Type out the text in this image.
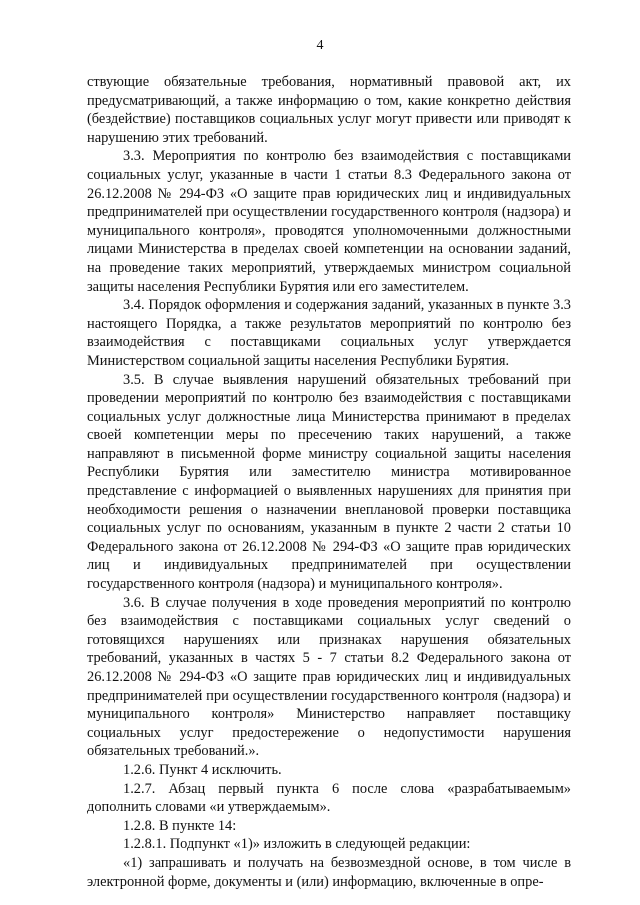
4

ствующие обязательные требования, нормативный правовой акт, их предусматривающий, а также информацию о том, какие конкретно действия (бездействие) поставщиков социальных услуг могут привести или приводят к нарушению этих требований.

3.3. Мероприятия по контролю без взаимодействия с поставщиками социальных услуг, указанные в части 1 статьи 8.3 Федерального закона от 26.12.2008 № 294-ФЗ «О защите прав юридических лиц и индивидуальных предпринимателей при осуществлении государственного контроля (надзора) и муниципального контроля», проводятся уполномоченными должностными лицами Министерства в пределах своей компетенции на основании заданий, на проведение таких мероприятий, утверждаемых министром социальной защиты населения Республики Бурятия или его заместителем.

3.4. Порядок оформления и содержания заданий, указанных в пункте 3.3 настоящего Порядка, а также результатов мероприятий по контролю без взаимодействия с поставщиками социальных услуг утверждается Министерством социальной защиты населения Республики Бурятия.

3.5. В случае выявления нарушений обязательных требований при проведении мероприятий по контролю без взаимодействия с поставщиками социальных услуг должностные лица Министерства принимают в пределах своей компетенции меры по пресечению таких нарушений, а также направляют в письменной форме министру социальной защиты населения Республики Бурятия или заместителю министра мотивированное представление с информацией о выявленных нарушениях для принятия при необходимости решения о назначении внеплановой проверки поставщика социальных услуг по основаниям, указанным в пункте 2 части 2 статьи 10 Федерального закона от 26.12.2008 № 294-ФЗ «О защите прав юридических лиц и индивидуальных предпринимателей при осуществлении государственного контроля (надзора) и муниципального контроля».

3.6. В случае получения в ходе проведения мероприятий по контролю без взаимодействия с поставщиками социальных услуг сведений о готовящихся нарушениях или признаках нарушения обязательных требований, указанных в частях 5 - 7 статьи 8.2 Федерального закона от 26.12.2008 № 294-ФЗ «О защите прав юридических лиц и индивидуальных предпринимателей при осуществлении государственного контроля (надзора) и муниципального контроля» Министерство направляет поставщику социальных услуг предостережение о недопустимости нарушения обязательных требований.».

1.2.6. Пункт 4 исключить.

1.2.7. Абзац первый пункта 6 после слова «разрабатываемым» дополнить словами «и утверждаемым».

1.2.8. В пункте 14:

1.2.8.1. Подпункт «1)» изложить в следующей редакции:

«1) запрашивать и получать на безвозмездной основе, в том числе в электронной форме, документы и (или) информацию, включенные в опре-
